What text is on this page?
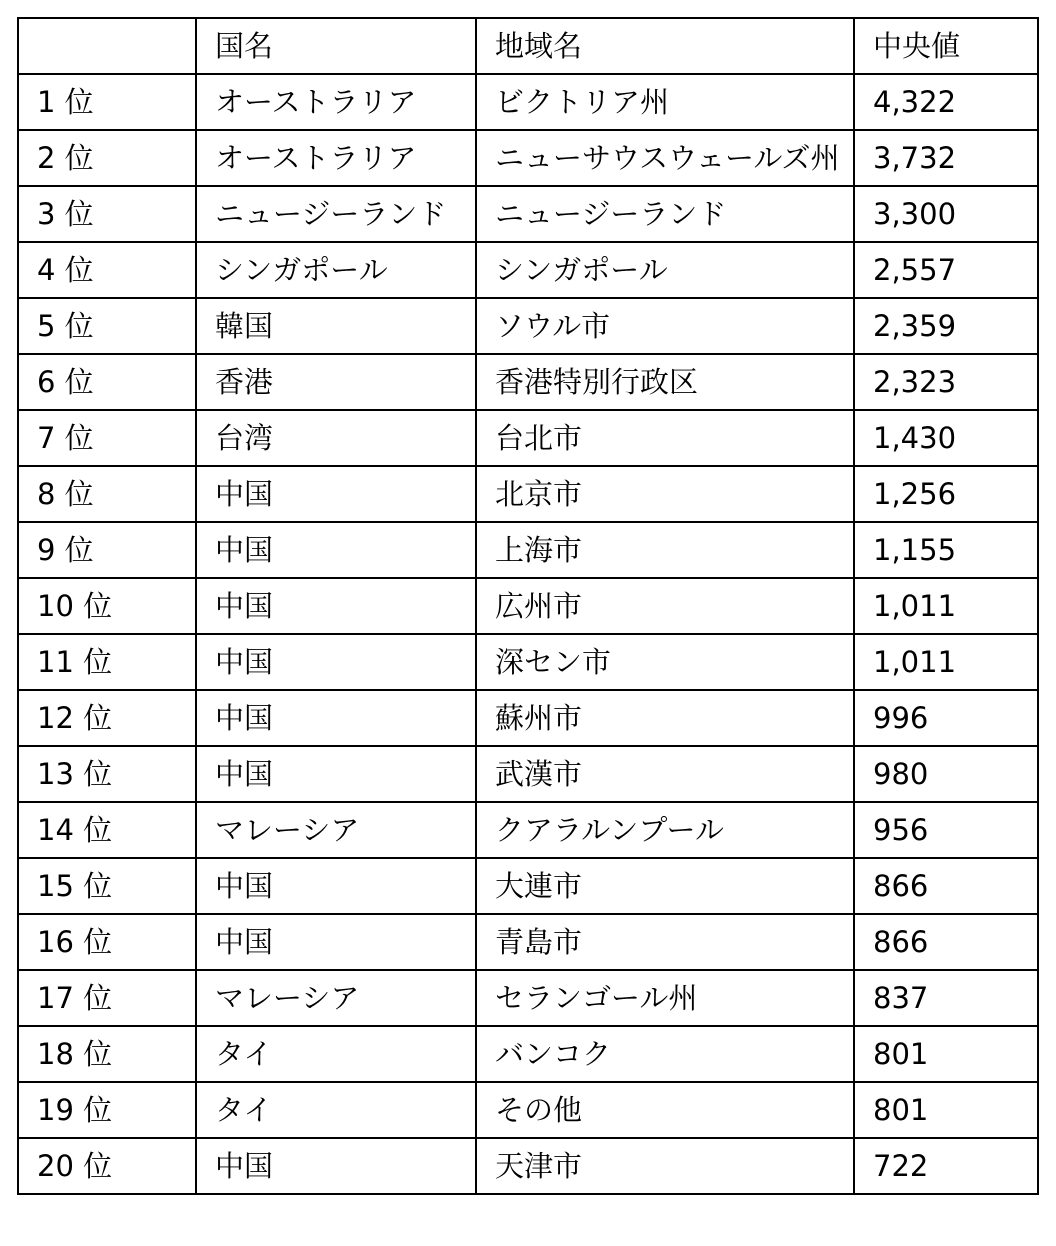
	国名	地域名	中央値
1 位	オーストラリア	ビクトリア州	4,322
2 位	オーストラリア	ニューサウスウェールズ州	3,732
3 位	ニュージーランド	ニュージーランド	3,300
4 位	シンガポール	シンガポール	2,557
5 位	韓国	ソウル市	2,359
6 位	香港	香港特別行政区	2,323
7 位	台湾	台北市	1,430
8 位	中国	北京市	1,256
9 位	中国	上海市	1,155
10 位	中国	広州市	1,011
11 位	中国	深セン市	1,011
12 位	中国	蘇州市	996
13 位	中国	武漢市	980
14 位	マレーシア	クアラルンプール	956
15 位	中国	大連市	866
16 位	中国	青島市	866
17 位	マレーシア	セランゴール州	837
18 位	タイ	バンコク	801
19 位	タイ	その他	801
20 位	中国	天津市	722
